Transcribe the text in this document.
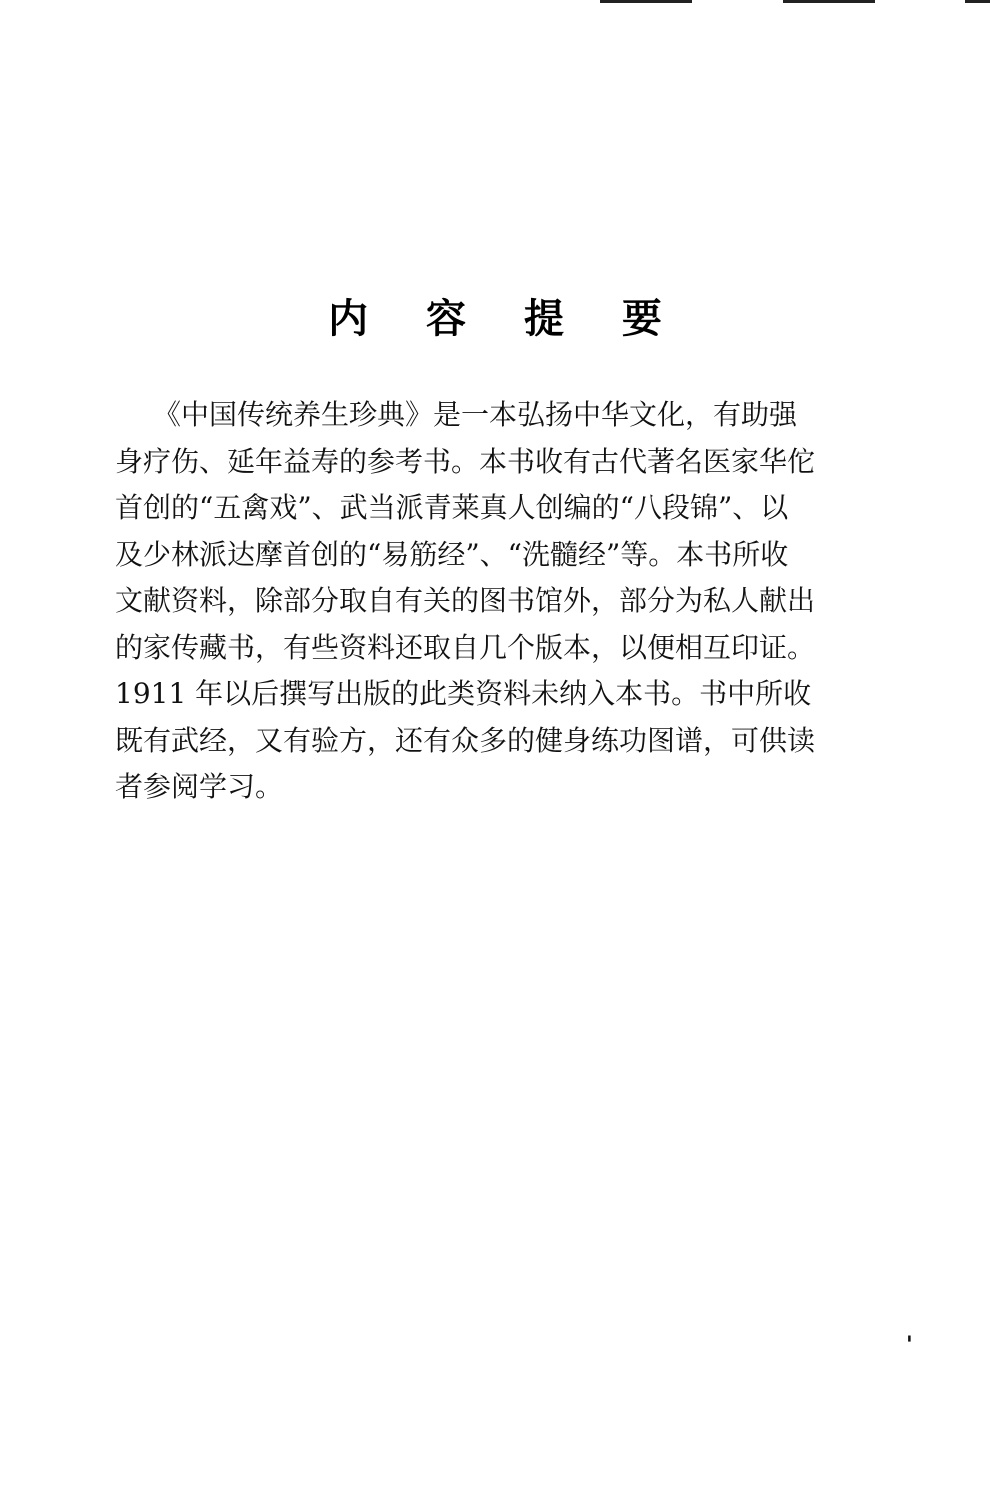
内 容 提 要
《中国传统养生珍典》是一本弘扬中华文化，有助强
身疗伤、延年益寿的参考书。本书收有古代著名医家华佗
首创的“五禽戏”、武当派青莱真人创编的“八段锦”、以
及少林派达摩首创的“易筋经”、“洗髓经”等。本书所收
文献资料，除部分取自有关的图书馆外，部分为私人献出
的家传藏书，有些资料还取自几个版本，以便相互印证。
1911 年以后撰写出版的此类资料未纳入本书。书中所收
既有武经，又有验方，还有众多的健身练功图谱，可供读
者参阅学习。
'
